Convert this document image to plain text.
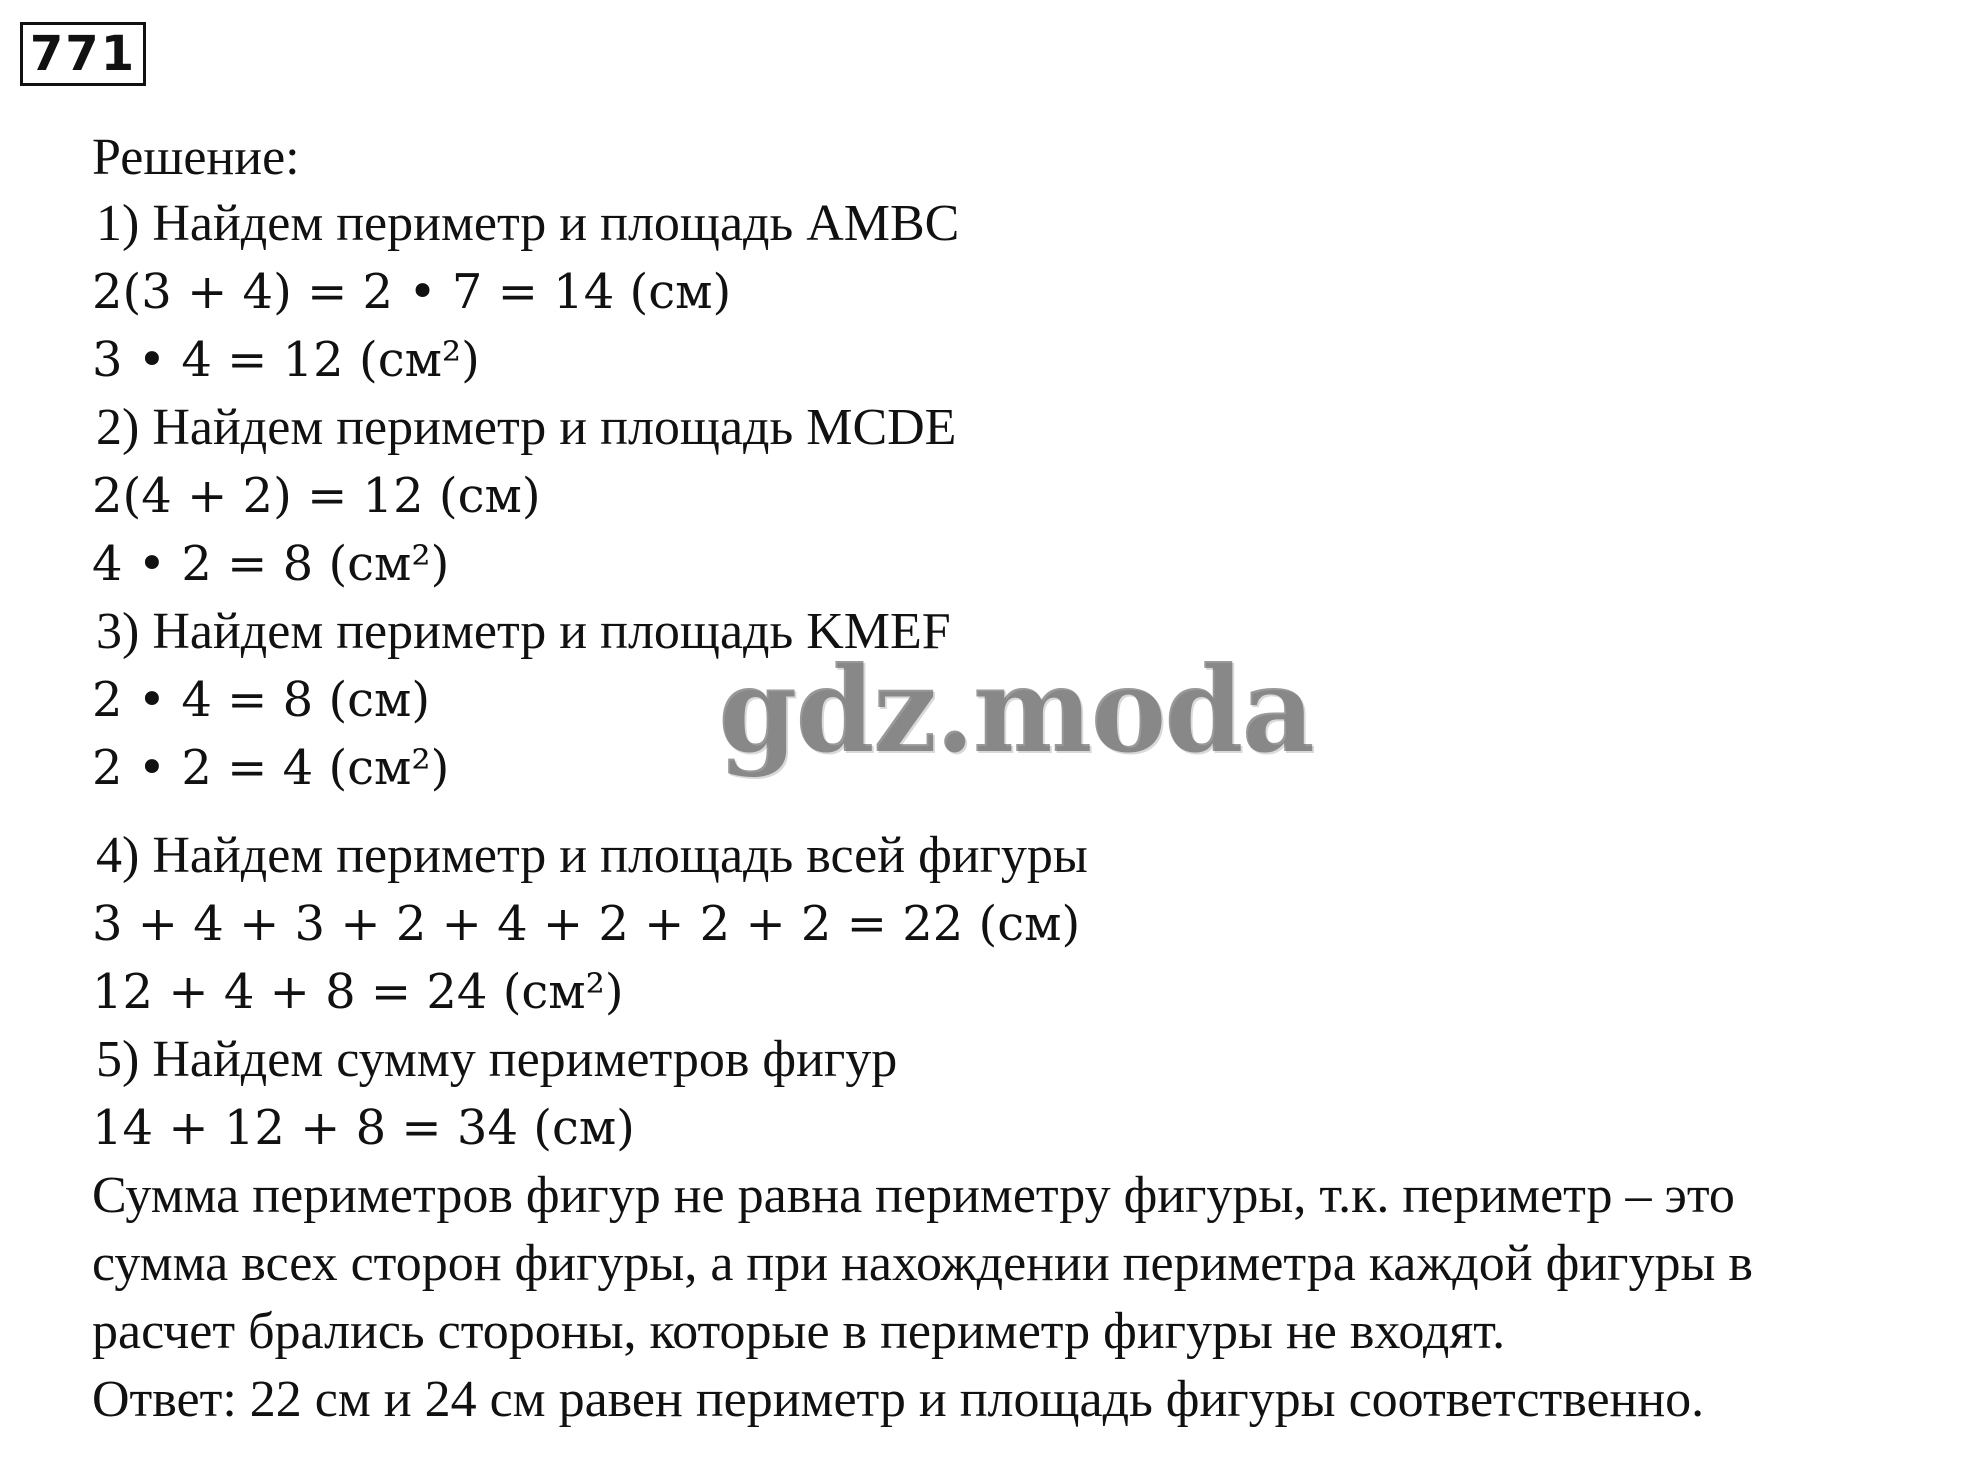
771
Решение:
1) Найдем периметр и площадь AMBC
2(3 + 4) = 2 • 7 = 14 (см)
3 • 4 = 12 (см²)
2) Найдем периметр и площадь MCDE
2(4 + 2) = 12 (см)
4 • 2 = 8 (см²)
3) Найдем периметр и площадь KMEF
2 • 4 = 8 (см)
2 • 2 = 4 (см²)
4) Найдем периметр и площадь всей фигуры
3 + 4 + 3 + 2 + 4 + 2 + 2 + 2 = 22 (см)
12 + 4 + 8 = 24 (см²)
5) Найдем сумму периметров фигур
14 + 12 + 8 = 34 (см)
Сумма периметров фигур не равна периметру фигуры, т.к. периметр – это
сумма всех сторон фигуры, а при нахождении периметра каждой фигуры в
расчет брались стороны, которые в периметр фигуры не входят.
Ответ: 22 см и 24 см равен периметр и площадь фигуры соответственно.
gdz.moda
